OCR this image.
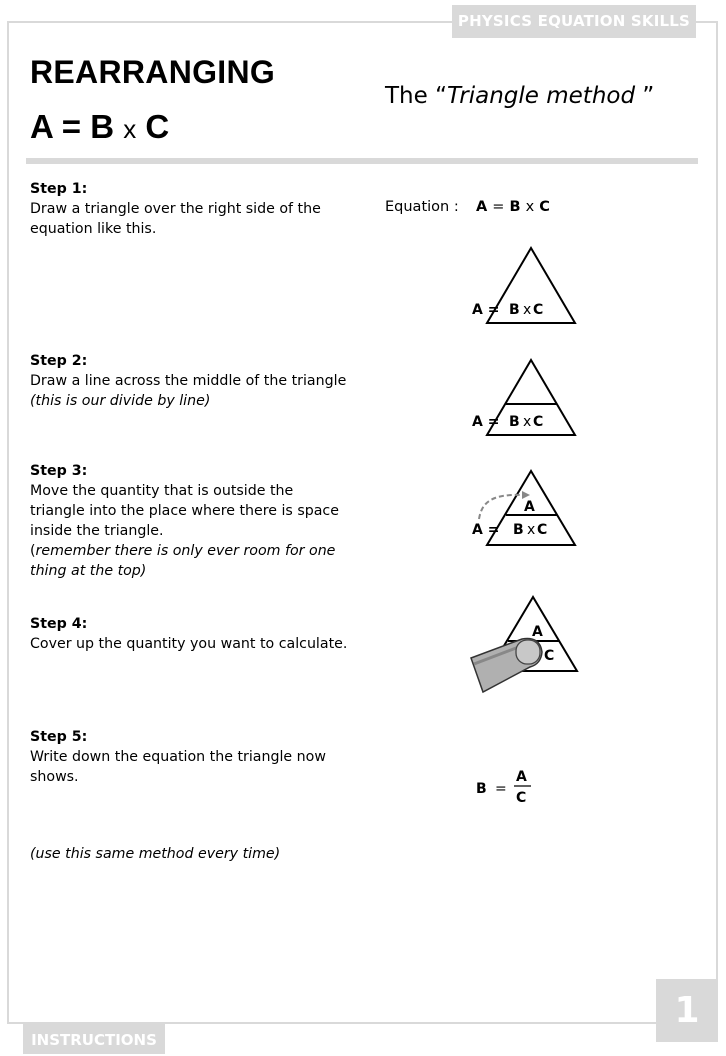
PHYSICS EQUATION SKILLS
REARRANGING
A = B x C
The “Triangle method ”
Step 1:
Draw a triangle over the right side of the equation like this.
Step 2:
Draw a line across the middle of the triangle
(this is our divide by line)
Step 3:
Move the quantity that is outside the triangle into the place where there is space inside the triangle.
(remember there is only ever room for one thing at the top)
Step 4:
Cover up the quantity you want to calculate.
Step 5:
Write down the equation the triangle now shows.
(use this same method every time)
Equation : A = B x C
A = B x C
A = B x C
A
A = B x C
A
C
B =
A
C
1
INSTRUCTIONS
